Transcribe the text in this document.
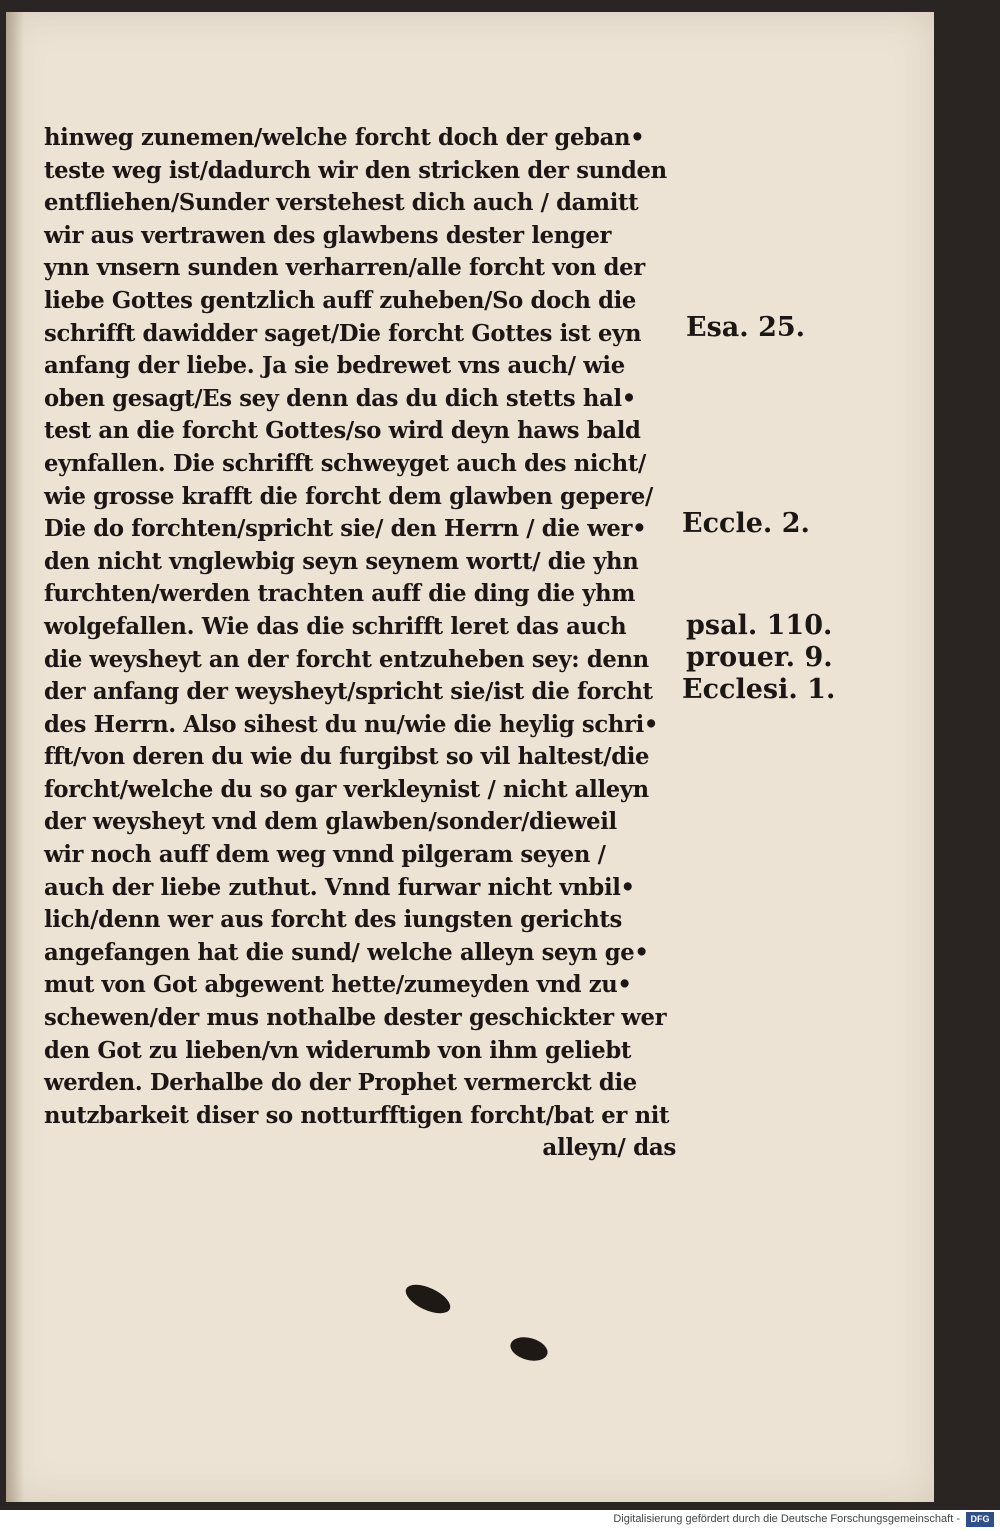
hinweg zunemen/welche forcht doch der geban•
teste weg ist/dadurch wir den stricken der sunden
entfliehen/Sunder verstehest dich auch / damitt
wir aus vertrawen des glawbens dester lenger
ynn vnsern sunden verharren/alle forcht von der
liebe Gottes gentzlich auff zuheben/So doch die
schrifft dawidder saget/Die forcht Gottes ist eyn
anfang der liebe. Ja sie bedrewet vns auch/ wie
oben gesagt/Es sey denn das du dich stetts hal•
test an die forcht Gottes/so wird deyn haws bald
eynfallen. Die schrifft schweyget auch des nicht/
wie grosse krafft die forcht dem glawben gepere/
Die do forchten/spricht sie/ den Herrn / die wer•
den nicht vnglewbig seyn seynem wortt/ die yhn
furchten/werden trachten auff die ding die yhm
wolgefallen. Wie das die schrifft leret das auch
die weysheyt an der forcht entzuheben sey: denn
der anfang der weysheyt/spricht sie/ist die forcht
des Herrn. Also sihest du nu/wie die heylig schri•
fft/von deren du wie du furgibst so vil haltest/die
forcht/welche du so gar verkleynist / nicht alleyn
der weysheyt vnd dem glawben/sonder/dieweil
wir noch auff dem weg vnnd pilgeram seyen /
auch der liebe zuthut. Vnnd furwar nicht vnbil•
lich/denn wer aus forcht des iungsten gerichts
angefangen hat die sund/ welche alleyn seyn ge•
mut von Got abgewent hette/zumeyden vnd zu•
schewen/der mus nothalbe dester geschickter wer
den Got zu lieben/vn widerumb von ihm geliebt
werden. Derhalbe do der Prophet vermerckt die
nutzbarkeit diser so notturfftigen forcht/bat er nit
alleyn/ das
Esa. 25.
Eccle. 2.
psal. 110.
prouer. 9.
Ecclesi. 1.
Digitalisierung gefördert durch die Deutsche Forschungsgemeinschaft -	DFG
